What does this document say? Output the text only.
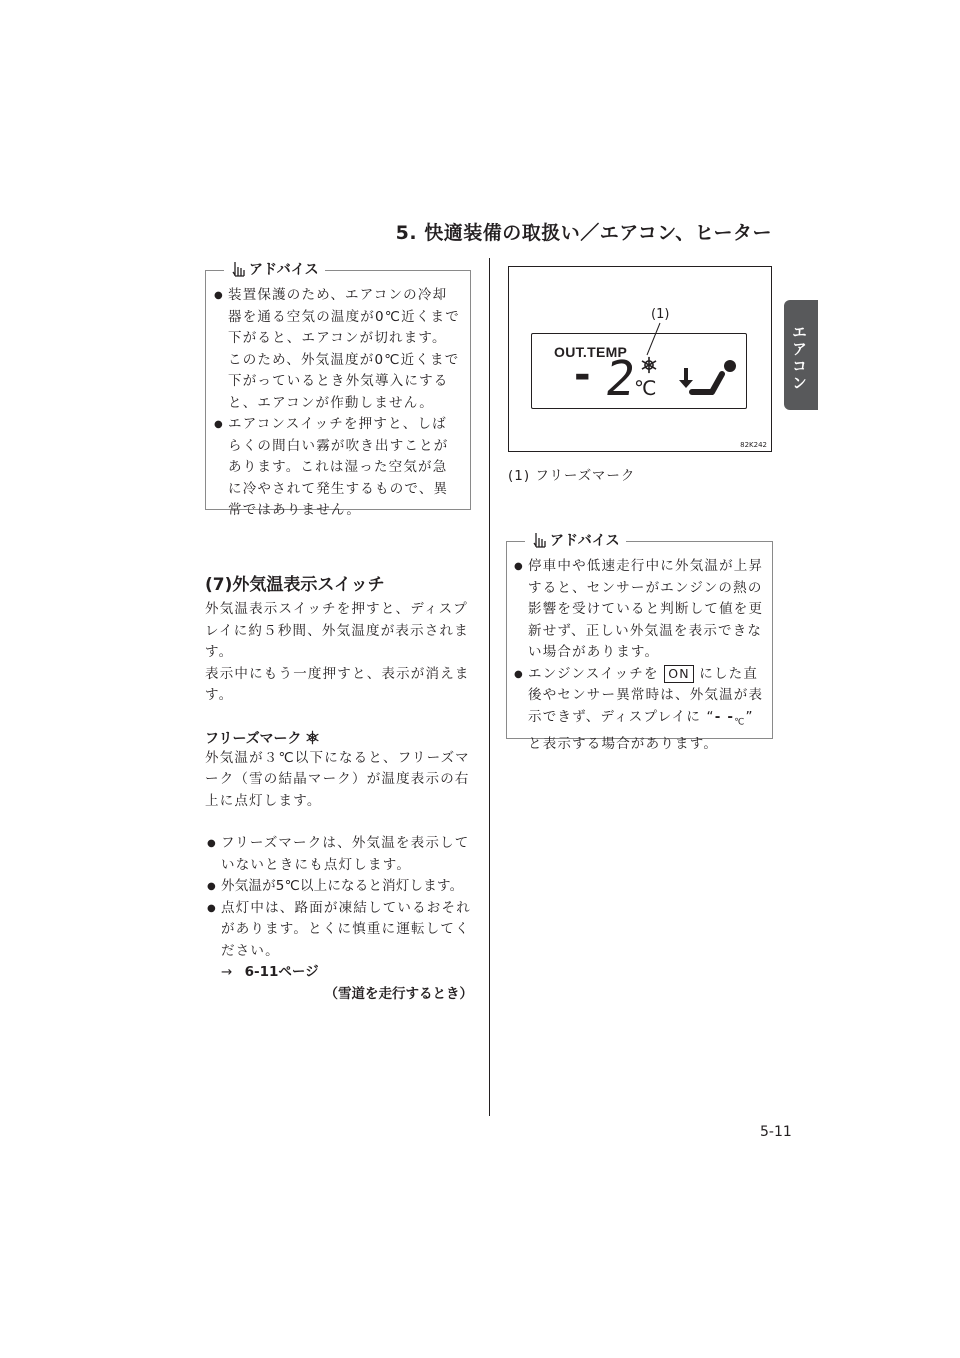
5. 快適装備の取扱い／エアコン、ヒーター
エアコン
アドバイス
● 装置保護のため、エアコンの冷却器を通る空気の温度が0℃近くまで下がると、エアコンが切れます。このため、外気温度が0℃近くまで下がっているとき外気導入にすると、エアコンが作動しません。
● エアコンスイッチを押すと、しばらくの間白い霧が吹き出すことがあります。これは湿った空気が急に冷やされて発生するもので、異常ではありません。
(7)外気温表示スイッチ

外気温表示スイッチを押すと、ディスプレイに約５秒間、外気温度が表示されます。

表示中にもう一度押すと、表示が消えます。

フリーズマーク

外気温が３℃以下になると、フリーズマーク（雪の結晶マーク）が温度表示の右上に点灯します。

● フリーズマークは、外気温を表示していないときにも点灯します。
● 外気温が5℃以上になると消灯します。
● 点灯中は、路面が凍結しているおそれがあります。とくに慎重に運転してください。
→ 6-11ページ
（雪道を走行するとき）
(1)
OUT.TEMP
- 2
℃
82K242
(1) フリーズマーク
アドバイス
● 停車中や低速走行中に外気温が上昇すると、センサーがエンジンの熱の影響を受けていると判断して値を更新せず、正しい外気温を表示できない場合があります。
● エンジンスイッチを ON にした直後やセンサー異常時は、外気温が表示できず、ディスプレイに “- $-_℃$” と表示する場合があります。
5-11
